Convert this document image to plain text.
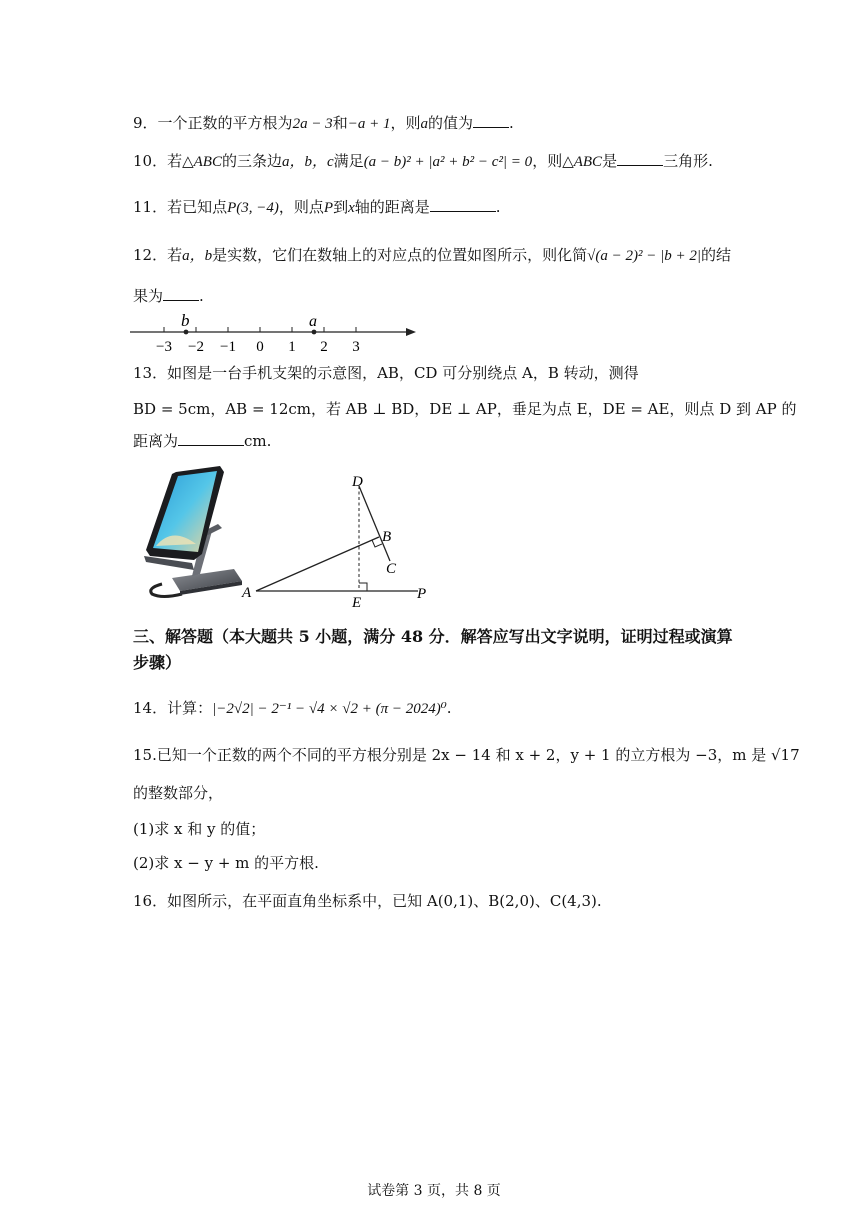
9．一个正数的平方根为2a − 3和−a + 1，则a的值为 .
10．若△ABC的三条边a，b，c满足(a − b)² + |a² + b² − c²| = 0，则△ABC是	三角形.
11．若已知点P(3, −4)，则点P到x轴的距离是	.
12．若a，b是实数，它们在数轴上的对应点的位置如图所示，则化简√(a − 2)² − |b + 2|的结
果为 .
−3 −2 −1 0 1 2 3
b	a
13．如图是一台手机支架的示意图，AB，CD 可分别绕点 A，B 转动，测得
BD = 5cm，AB = 12cm，若 AB ⊥ BD，DE ⊥ AP，垂足为点 E，DE = AE，则点 D 到 AP 的
距离为	cm.
D
B
C
A
E
P
三、解答题（本大题共 5 小题，满分 48 分．解答应写出文字说明，证明过程或演算步骤）
14．计算：|−2√2| − 2⁻¹ − √4 × √2 + (π − 2024)⁰.
15.已知一个正数的两个不同的平方根分别是 2x − 14 和 x + 2，y + 1 的立方根为 −3，m 是 √17
的整数部分，
(1)求 x 和 y 的值；
(2)求 x − y + m 的平方根.
16．如图所示，在平面直角坐标系中，已知 A(0,1)、B(2,0)、C(4,3).
试卷第 3 页，共 8 页
